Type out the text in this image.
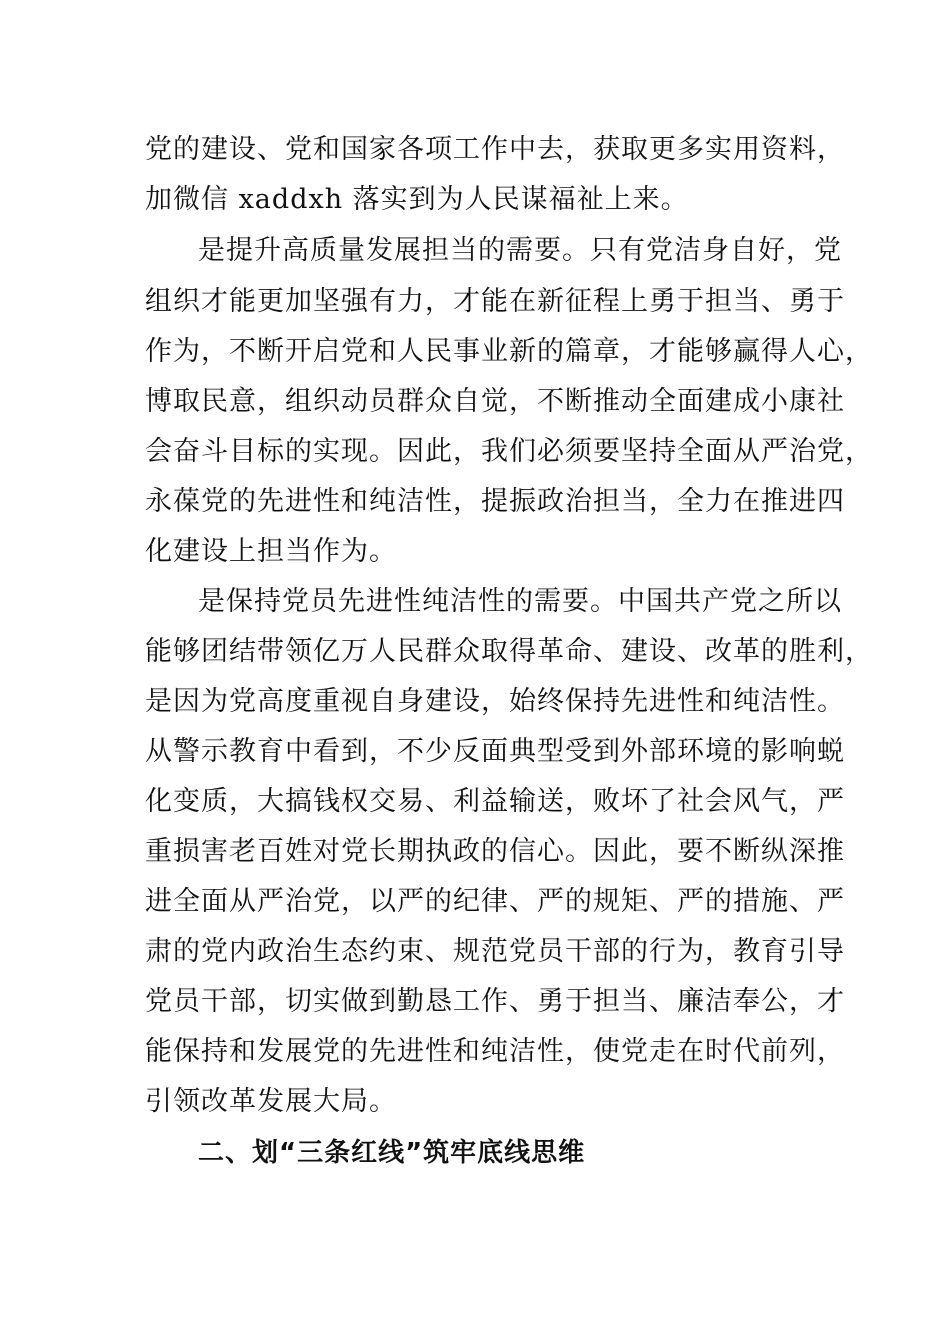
党的建设、党和国家各项工作中去，获取更多实用资料，
加微信 xaddxh 落实到为人民谋福祉上来。
是提升高质量发展担当的需要。只有党洁身自好，党
组织才能更加坚强有力，才能在新征程上勇于担当、勇于
作为，不断开启党和人民事业新的篇章，才能够赢得人心，
博取民意，组织动员群众自觉，不断推动全面建成小康社
会奋斗目标的实现。因此，我们必须要坚持全面从严治党，
永葆党的先进性和纯洁性，提振政治担当，全力在推进四
化建设上担当作为。
是保持党员先进性纯洁性的需要。中国共产党之所以
能够团结带领亿万人民群众取得革命、建设、改革的胜利，
是因为党高度重视自身建设，始终保持先进性和纯洁性。
从警示教育中看到，不少反面典型受到外部环境的影响蜕
化变质，大搞钱权交易、利益输送，败坏了社会风气，严
重损害老百姓对党长期执政的信心。因此，要不断纵深推
进全面从严治党，以严的纪律、严的规矩、严的措施、严
肃的党内政治生态约束、规范党员干部的行为，教育引导
党员干部，切实做到勤恳工作、勇于担当、廉洁奉公，才
能保持和发展党的先进性和纯洁性，使党走在时代前列，
引领改革发展大局。
二、划“三条红线”筑牢底线思维
